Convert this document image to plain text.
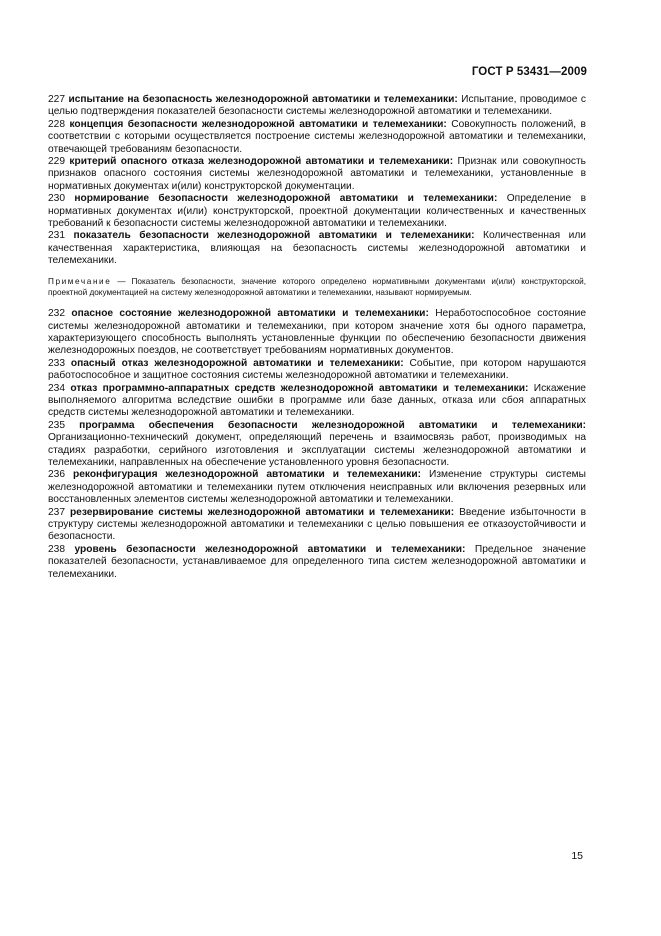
ГОСТ Р 53431—2009

227 испытание на безопасность железнодорожной автоматики и телемеханики: Испытание, проводимое с целью подтверждения показателей безопасности системы железнодорожной автоматики и телемеханики.

228 концепция безопасности железнодорожной автоматики и телемеханики: Совокупность положений, в соответствии с которыми осуществляется построение системы железнодорожной автоматики и телемеханики, отвечающей требованиям безопасности.

229 критерий опасного отказа железнодорожной автоматики и телемеханики: Признак или совокупность признаков опасного состояния системы железнодорожной автоматики и телемеханики, установленные в нормативных документах и(или) конструкторской документации.

230 нормирование безопасности железнодорожной автоматики и телемеханики: Определение в нормативных документах и(или) конструкторской, проектной документации количественных и качественных требований к безопасности системы железнодорожной автоматики и телемеханики.

231 показатель безопасности железнодорожной автоматики и телемеханики: Количественная или качественная характеристика, влияющая на безопасность системы железнодорожной автоматики и телемеханики.

Примечание — Показатель безопасности, значение которого определено нормативными документами и(или) конструкторской, проектной документацией на систему железнодорожной автоматики и телемеханики, называют нормируемым.

232 опасное состояние железнодорожной автоматики и телемеханики: Неработоспособное состояние системы железнодорожной автоматики и телемеханики, при котором значение хотя бы одного параметра, характеризующего способность выполнять установленные функции по обеспечению безопасности движения железнодорожных поездов, не соответствует требованиям нормативных документов.

233 опасный отказ железнодорожной автоматики и телемеханики: Событие, при котором нарушаются работоспособное и защитное состояния системы железнодорожной автоматики и телемеханики.

234 отказ программно-аппаратных средств железнодорожной автоматики и телемеханики: Искажение выполняемого алгоритма вследствие ошибки в программе или базе данных, отказа или сбоя аппаратных средств системы железнодорожной автоматики и телемеханики.

235 программа обеспечения безопасности железнодорожной автоматики и телемеханики: Организационно-технический документ, определяющий перечень и взаимосвязь работ, производимых на стадиях разработки, серийного изготовления и эксплуатации системы железнодорожной автоматики и телемеханики, направленных на обеспечение установленного уровня безопасности.

236 реконфигурация железнодорожной автоматики и телемеханики: Изменение структуры системы железнодорожной автоматики и телемеханики путем отключения неисправных или включения резервных или восстановленных элементов системы железнодорожной автоматики и телемеханики.

237 резервирование системы железнодорожной автоматики и телемеханики: Введение избыточности в структуру системы железнодорожной автоматики и телемеханики с целью повышения ее отказоустойчивости и безопасности.

238 уровень безопасности железнодорожной автоматики и телемеханики: Предельное значение показателей безопасности, устанавливаемое для определенного типа систем железнодорожной автоматики и телемеханики.

15
